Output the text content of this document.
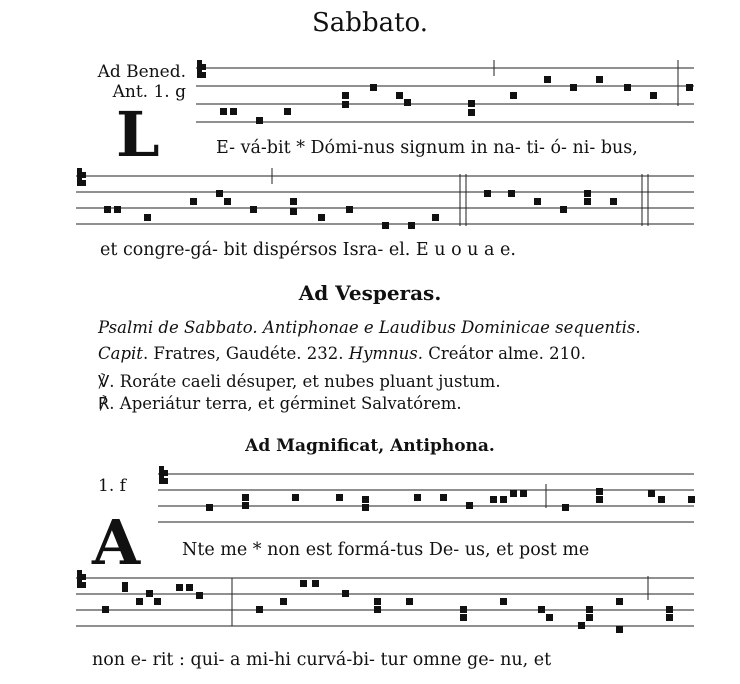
Sabbato.
Ad Bened.
Ant. 1. g
L	E- vá-bit * Dómi-nus signum in na- ti- ó- ni- bus,
et congre-gá- bit dispérsos Isra- el. E u o u a e.
Ad Vesperas.
Psalmi de Sabbato. Antiphonae e Laudibus Dominicae sequentis.
Capit. Fratres, Gaudéte. 232. Hymnus. Creátor alme. 210.
℣. Roráte caeli désuper, et nubes pluant justum.
℟. Aperiátur terra, et gérminet Salvatórem.
Ad Magnificat, Antiphona.
1. f
A Nte me * non est formá-tus De- us, et post me
non e- rit : qui- a mi-hi curvá-bi- tur omne ge- nu, et
